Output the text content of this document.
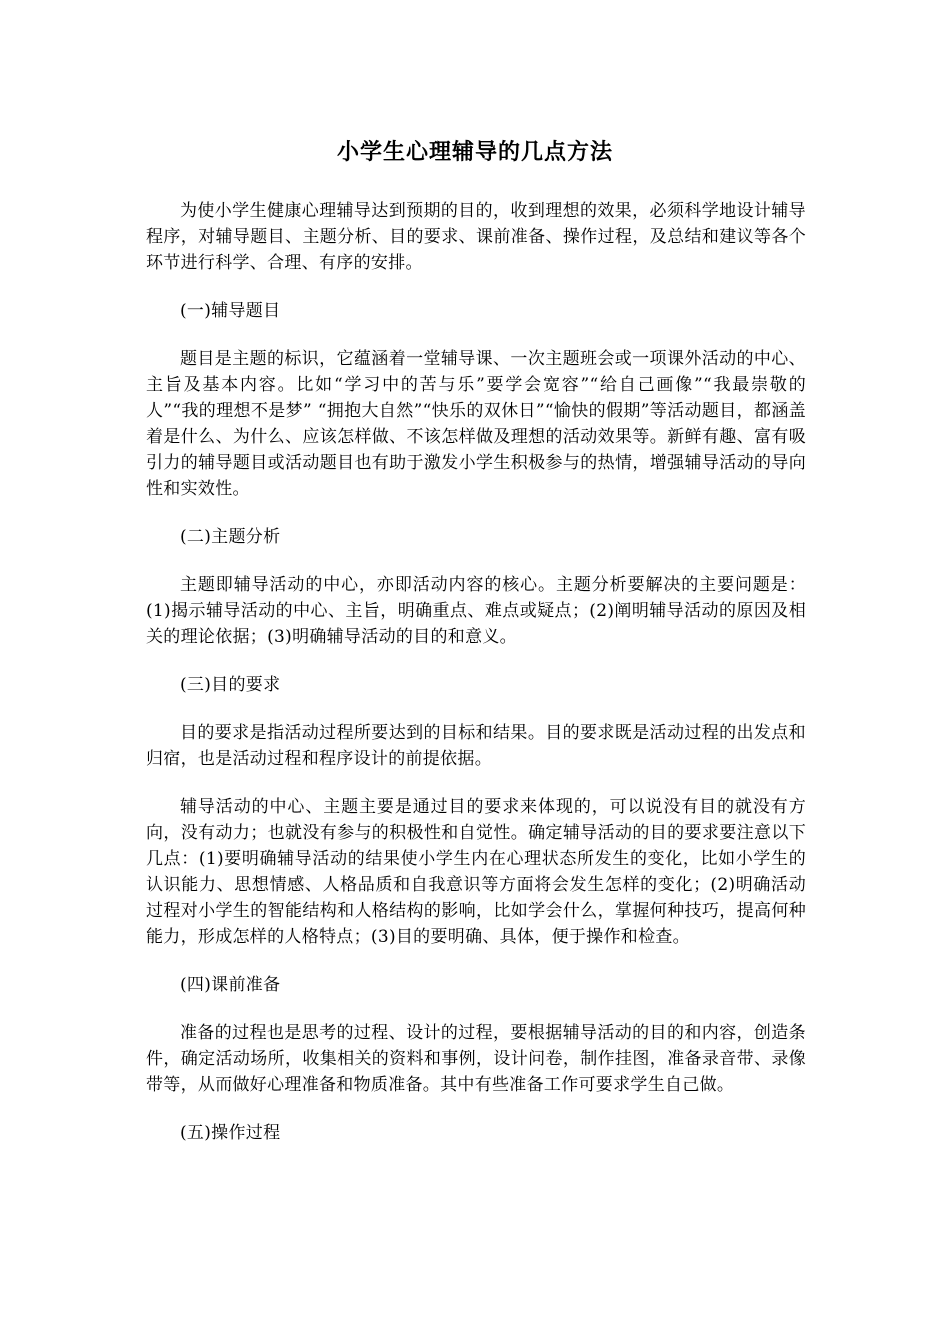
小学生心理辅导的几点方法

为使小学生健康心理辅导达到预期的目的，收到理想的效果，必须科学地设计辅导程序，对辅导题目、主题分析、目的要求、课前准备、操作过程，及总结和建议等各个环节进行科学、合理、有序的安排。

(一)辅导题目

题目是主题的标识，它蕴涵着一堂辅导课、一次主题班会或一项课外活动的中心、主旨及基本内容。比如“学习中的苦与乐”要学会宽容”“给自己画像”“我最崇敬的人”“我的理想不是梦” “拥抱大自然”“快乐的双休日”“愉快的假期”等活动题目，都涵盖着是什么、为什么、应该怎样做、不该怎样做及理想的活动效果等。新鲜有趣、富有吸引力的辅导题目或活动题目也有助于激发小学生积极参与的热情，增强辅导活动的导向性和实效性。

(二)主题分析

主题即辅导活动的中心，亦即活动内容的核心。主题分析要解决的主要问题是：(1)揭示辅导活动的中心、主旨，明确重点、难点或疑点；(2)阐明辅导活动的原因及相关的理论依据；(3)明确辅导活动的目的和意义。

(三)目的要求

目的要求是指活动过程所要达到的目标和结果。目的要求既是活动过程的出发点和归宿，也是活动过程和程序设计的前提依据。

辅导活动的中心、主题主要是通过目的要求来体现的，可以说没有目的就没有方向，没有动力；也就没有参与的积极性和自觉性。确定辅导活动的目的要求要注意以下几点：(1)要明确辅导活动的结果使小学生内在心理状态所发生的变化，比如小学生的认识能力、思想情感、人格品质和自我意识等方面将会发生怎样的变化；(2)明确活动过程对小学生的智能结构和人格结构的影响，比如学会什么，掌握何种技巧，提高何种能力，形成怎样的人格特点；(3)目的要明确、具体，便于操作和检查。

(四)课前准备

准备的过程也是思考的过程、设计的过程，要根据辅导活动的目的和内容，创造条件，确定活动场所，收集相关的资料和事例，设计问卷，制作挂图，准备录音带、录像带等，从而做好心理准备和物质准备。其中有些准备工作可要求学生自己做。

(五)操作过程
